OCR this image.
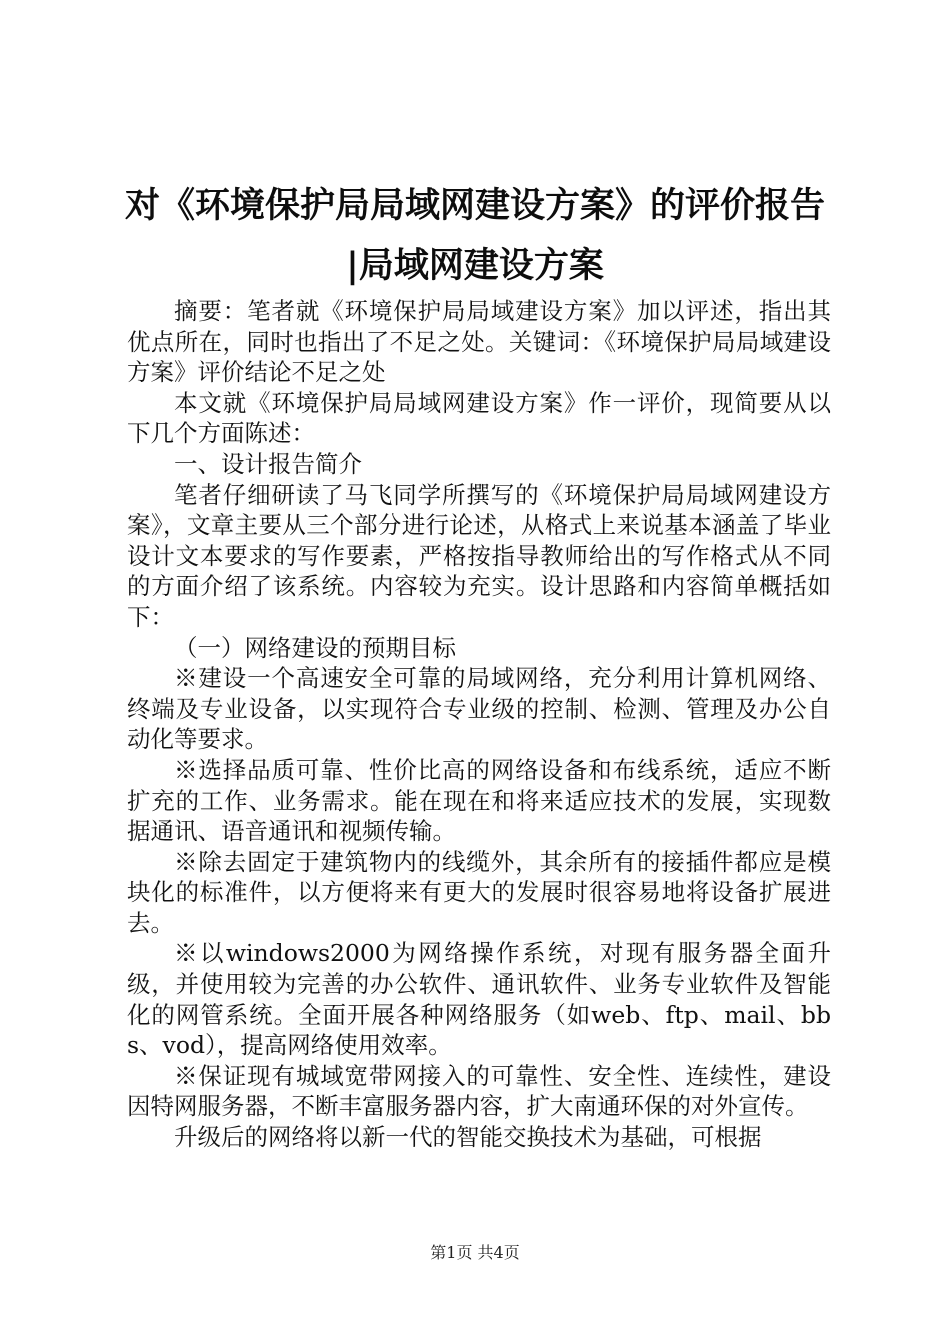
对《环境保护局局域网建设方案》的评价报告
|局域网建设方案

摘要：笔者就《环境保护局局域建设方案》加以评述，指出其优点所在，同时也指出了不足之处。关键词：《环境保护局局域建设方案》评价结论不足之处

本文就《环境保护局局域网建设方案》作一评价，现简要从以下几个方面陈述：

一、设计报告简介

笔者仔细研读了马飞同学所撰写的《环境保护局局域网建设方案》，文章主要从三个部分进行论述，从格式上来说基本涵盖了毕业设计文本要求的写作要素，严格按指导教师给出的写作格式从不同的方面介绍了该系统。内容较为充实。设计思路和内容简单概括如下：

（一）网络建设的预期目标

※建设一个高速安全可靠的局域网络，充分利用计算机网络、终端及专业设备，以实现符合专业级的控制、检测、管理及办公自动化等要求。

※选择品质可靠、性价比高的网络设备和布线系统，适应不断扩充的工作、业务需求。能在现在和将来适应技术的发展，实现数据通讯、语音通讯和视频传输。

※除去固定于建筑物内的线缆外，其余所有的接插件都应是模块化的标准件，以方便将来有更大的发展时很容易地将设备扩展进去。

※以windows2000为网络操作系统，对现有服务器全面升级，并使用较为完善的办公软件、通讯软件、业务专业软件及智能化的网管系统。全面开展各种网络服务（如web、ftp、mail、bbs、vod），提高网络使用效率。

※保证现有城域宽带网接入的可靠性、安全性、连续性，建设因特网服务器，不断丰富服务器内容，扩大南通环保的对外宣传。

升级后的网络将以新一代的智能交换技术为基础，可根据

第1页 共4页
